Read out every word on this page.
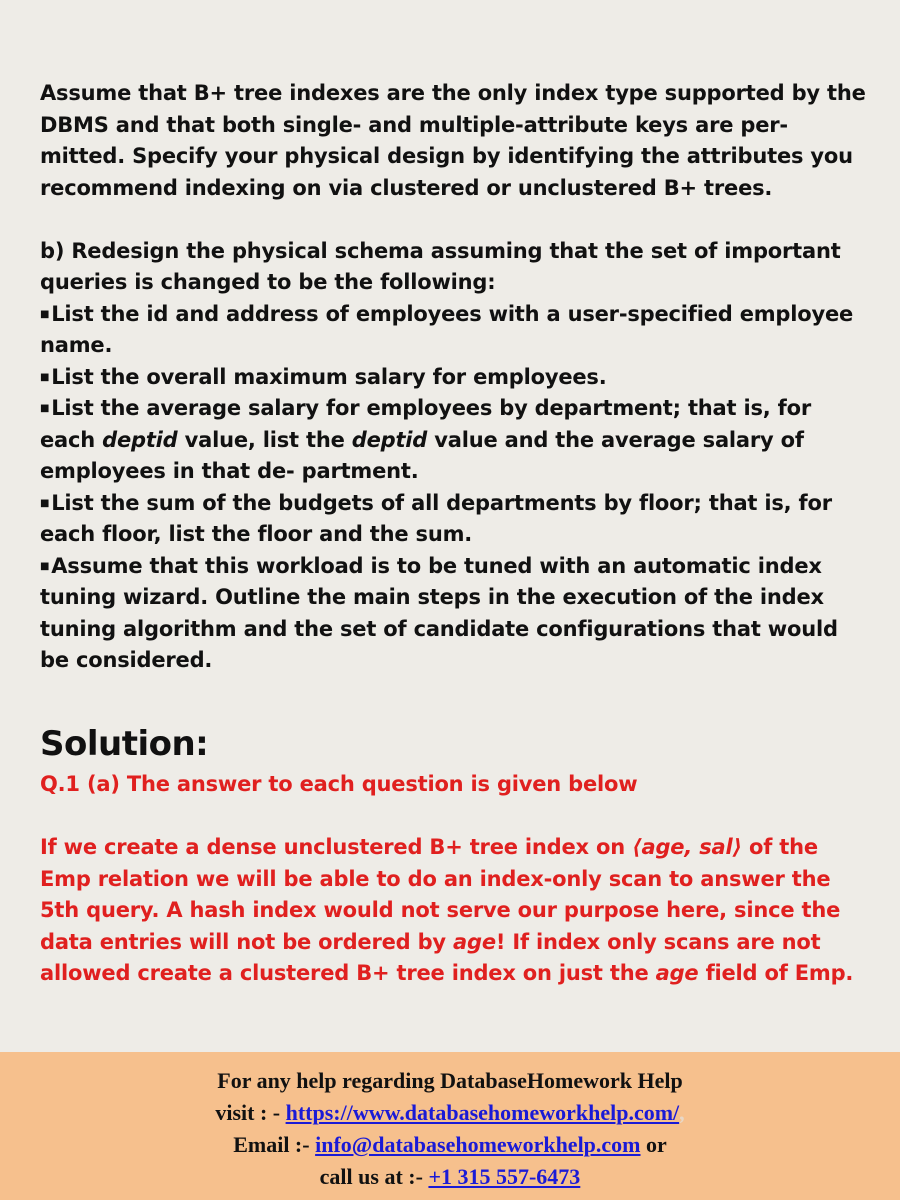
Assume that B+ tree indexes are the only index type supported by the DBMS and that both single- and multiple-attribute keys are per- mitted. Specify your physical design by identifying the attributes you recommend indexing on via clustered or unclustered B+ trees.

b) Redesign the physical schema assuming that the set of important queries is changed to be the following:

■List the id and address of employees with a user-specified employee name.

■List the overall maximum salary for employees.

■List the average salary for employees by department; that is, for each deptid value, list the deptid value and the average salary of employees in that de- partment.

■List the sum of the budgets of all departments by floor; that is, for each floor, list the floor and the sum.

■Assume that this workload is to be tuned with an automatic index tuning wizard. Outline the main steps in the execution of the index tuning algorithm and the set of candidate configurations that would be considered.

Solution:

Q.1 (a) The answer to each question is given below

If we create a dense unclustered B+ tree index on ⟨age, sal⟩ of the Emp relation we will be able to do an index-only scan to answer the 5th query. A hash index would not serve our purpose here, since the data entries will not be ordered by age! If index only scans are not allowed create a clustered B+ tree index on just the age field of Emp.

For any help regarding DatabaseHomework Help
visit : - https://www.databasehomeworkhelp.com/,
Email :- info@databasehomeworkhelp.com or
call us at :- +1 315 557-6473
